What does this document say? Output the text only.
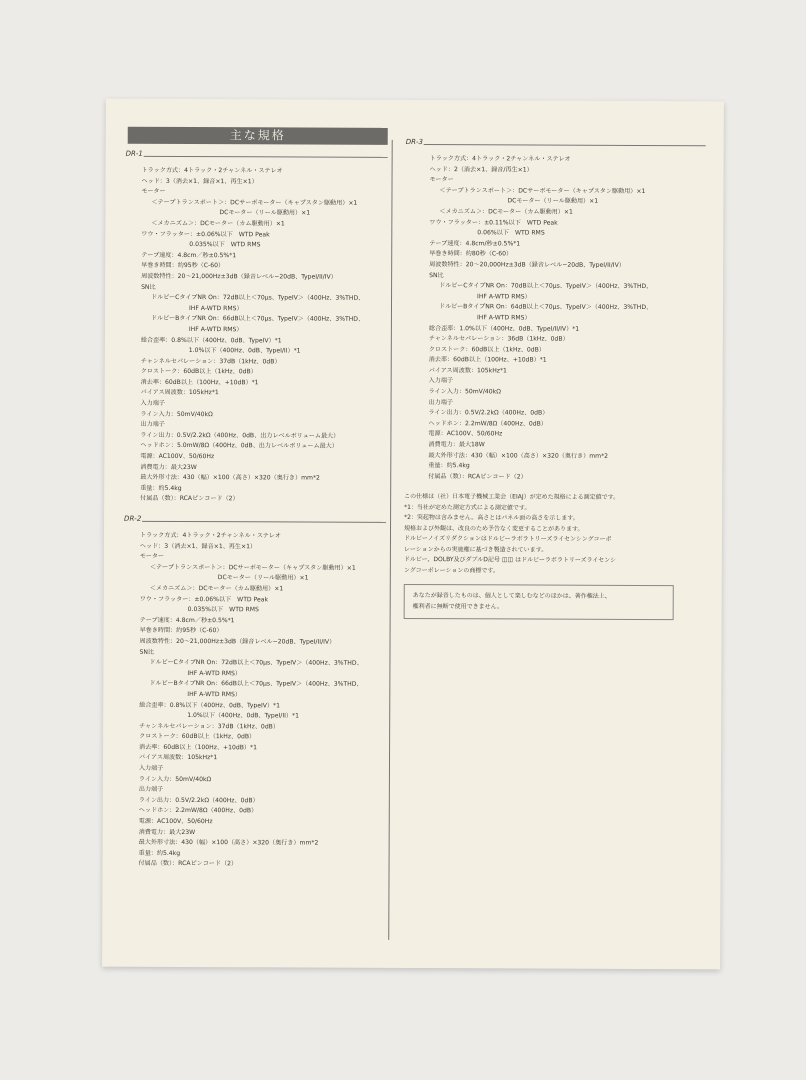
主な規格
DR-1
トラック方式：4トラック・2チャンネル・ステレオ
ヘッド：3（消去×1、録音×1、再生×1）
モーター
＜テープトランスポート＞：DCサーボモーター（キャプスタン駆動用）×1
DCモーター（リール駆動用）×1
＜メカニズム＞：DCモーター（カム駆動用）×1
ワウ・フラッター：±0.06%以下　WTD Peak
0.035%以下　WTD RMS
テープ速度：4.8cm／秒±0.5%*1
早巻き時間：約95秒（C-60）
周波数特性：20～21,000Hz±3dB（録音レベル−20dB、TypeI/II/IV）
SN比
ドルビーCタイプNR On：72dB以上＜70μs、TypeIV＞（400Hz、3%THD、
IHF A-WTD RMS）
ドルビーBタイプNR On：66dB以上＜70μs、TypeIV＞（400Hz、3%THD、
IHF A-WTD RMS）
総合歪率：0.8%以下（400Hz、0dB、TypeIV）*1
1.0%以下（400Hz、0dB、TypeI/II）*1
チャンネルセパレーション：37dB（1kHz、0dB）
クロストーク：60dB以上（1kHz、0dB）
消去率：60dB以上（100Hz、+10dB）*1
バイアス周波数：105kHz*1
入力端子
ライン入力：50mV/40kΩ
出力端子
ライン出力：0.5V/2.2kΩ（400Hz、0dB、出力レベルボリューム最大）
ヘッドホン：5.0mW/8Ω（400Hz、0dB、出力レベルボリューム最大）
電源：AC100V、50/60Hz
消費電力：最大23W
最大外形寸法：430（幅）×100（高さ）×320（奥行き）mm*2
重量：約5.4kg
付属品（数）：RCAピンコード（2）
DR-2
トラック方式：4トラック・2チャンネル・ステレオ
ヘッド：3（消去×1、録音×1、再生×1）
モーター
＜テープトランスポート＞：DCサーボモーター（キャプスタン駆動用）×1
DCモーター（リール駆動用）×1
＜メカニズム＞：DCモーター（カム駆動用）×1
ワウ・フラッター：±0.06%以下　WTD Peak
0.035%以下　WTD RMS
テープ速度：4.8cm／秒±0.5%*1
早巻き時間：約95秒（C-60）
周波数特性：20～21,000Hz±3dB（録音レベル−20dB、TypeI/II/IV）
SN比
ドルビーCタイプNR On：72dB以上＜70μs、TypeIV＞（400Hz、3%THD、
IHF A-WTD RMS）
ドルビーBタイプNR On：66dB以上＜70μs、TypeIV＞（400Hz、3%THD、
IHF A-WTD RMS）
総合歪率：0.8%以下（400Hz、0dB、TypeIV）*1
1.0%以下（400Hz、0dB、TypeI/II）*1
チャンネルセパレーション：37dB（1kHz、0dB）
クロストーク：60dB以上（1kHz、0dB）
消去率：60dB以上（100Hz、+10dB）*1
バイアス周波数：105kHz*1
入力端子
ライン入力：50mV/40kΩ
出力端子
ライン出力：0.5V/2.2kΩ（400Hz、0dB）
ヘッドホン：2.2mW/8Ω（400Hz、0dB）
電源：AC100V、50/60Hz
消費電力：最大23W
最大外形寸法：430（幅）×100（高さ）×320（奥行き）mm*2
重量：約5.4kg
付属品（数）：RCAピンコード（2）
DR-3
トラック方式：4トラック・2チャンネル・ステレオ
ヘッド：2（消去×1、録音/再生×1）
モーター
＜テープトランスポート＞：DCサーボモーター（キャプスタン駆動用）×1
DCモーター（リール駆動用）×1
＜メカニズム＞：DCモーター（カム駆動用）×1
ワウ・フラッター：±0.11%以下　WTD Peak
0.06%以下　WTD RMS
テープ速度：4.8cm/秒±0.5%*1
早巻き時間：約80秒（C-60）
周波数特性：20～20,000Hz±3dB（録音レベル−20dB、TypeI/II/IV）
SN比
ドルビーCタイプNR On：70dB以上＜70μs、TypeIV＞（400Hz、3%THD、
IHF A-WTD RMS）
ドルビーBタイプNR On：64dB以上＜70μs、TypeIV＞（400Hz、3%THD、
IHF A-WTD RMS）
総合歪率：1.0%以下（400Hz、0dB、TypeI/II/IV）*1
チャンネルセパレーション：36dB（1kHz、0dB）
クロストーク：60dB以上（1kHz、0dB）
消去率：60dB以上（100Hz、+10dB）*1
バイアス周波数：105kHz*1
入力端子
ライン入力：50mV/40kΩ
出力端子
ライン出力：0.5V/2.2kΩ（400Hz、0dB）
ヘッドホン：2.2mW/8Ω（400Hz、0dB）
電源：AC100V、50/60Hz
消費電力：最大18W
最大外形寸法：430（幅）×100（高さ）×320（奥行き）mm*2
重量：約5.4kg
付属品（数）：RCAピンコード（2）
この仕様は（社）日本電子機械工業会（EIAJ）が定めた規格による測定値です。
*1：当社が定めた測定方式による測定値です。
*2：突起物は含みません。高さとはパネル面の高さを示します。
規格および外観は、改良のため予告なく変更することがあります。
ドルビーノイズリダクションはドルビーラボラトリーズライセンシングコーポ
レーションからの実施権に基づき製造されています。
ドルビー、DOLBY及びダブルD記号 ◫◫ はドルビーラボラトリーズライセンシ
ングコーポレーションの商標です。
あなたが録音したものは、個人として楽しむなどのほかは、著作権法上、
権利者に無断で使用できません。
